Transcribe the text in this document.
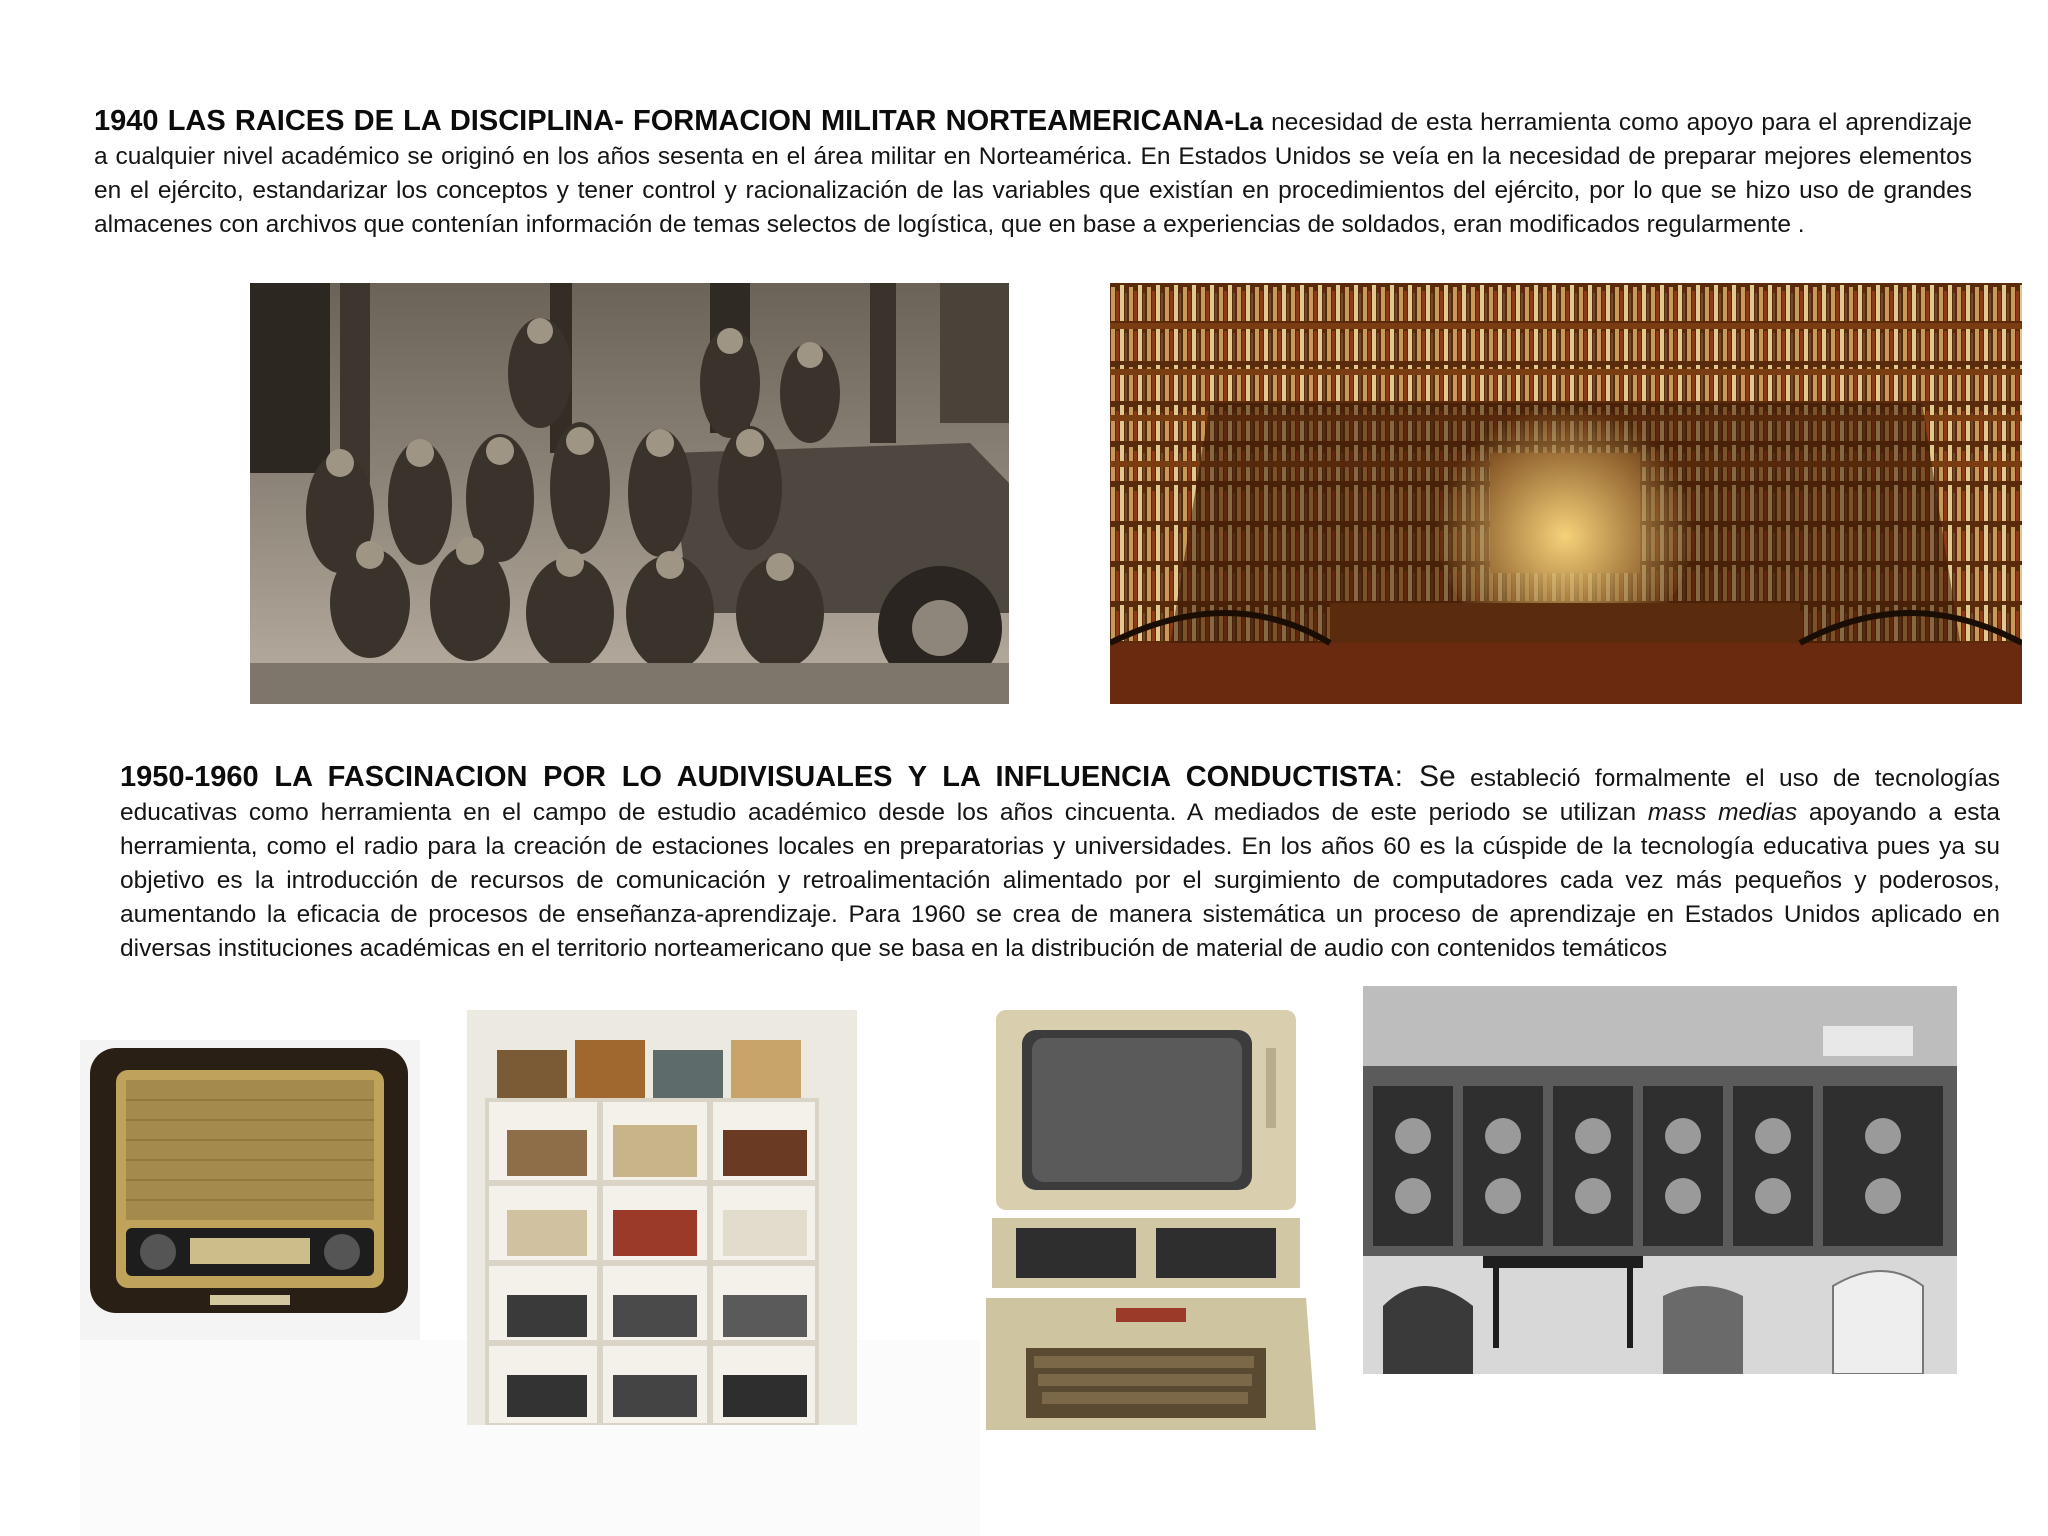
1940 LAS RAICES DE LA DISCIPLINA- FORMACION MILITAR NORTEAMERICANA-La necesidad de esta herramienta como apoyo para el aprendizaje a cualquier nivel académico se originó en los años sesenta en el área militar en Norteamérica. En Estados Unidos se veía en la necesidad de preparar mejores elementos en el ejército, estandarizar los conceptos y tener control y racionalización de las variables que existían en procedimientos del ejército, por lo que se hizo uso de grandes almacenes con archivos que contenían información de temas selectos de logística, que en base a experiencias de soldados, eran modificados regularmente .

1950-1960 LA FASCINACION POR LO AUDIVISUALES Y LA INFLUENCIA CONDUCTISTA: Se estableció formalmente el uso de tecnologías educativas como herramienta en el campo de estudio académico desde los años cincuenta. A mediados de este periodo se utilizan mass medias apoyando a esta herramienta, como el radio para la creación de estaciones locales en preparatorias y universidades. En los años 60 es la cúspide de la tecnología educativa pues ya su objetivo es la introducción de recursos de comunicación y retroalimentación alimentado por el surgimiento de computadores cada vez más pequeños y poderosos, aumentando la eficacia de procesos de enseñanza-aprendizaje. Para 1960 se crea de manera sistemática un proceso de aprendizaje en Estados Unidos aplicado en diversas instituciones académicas en el territorio norteamericano que se basa en la distribución de material de audio con contenidos temáticos
